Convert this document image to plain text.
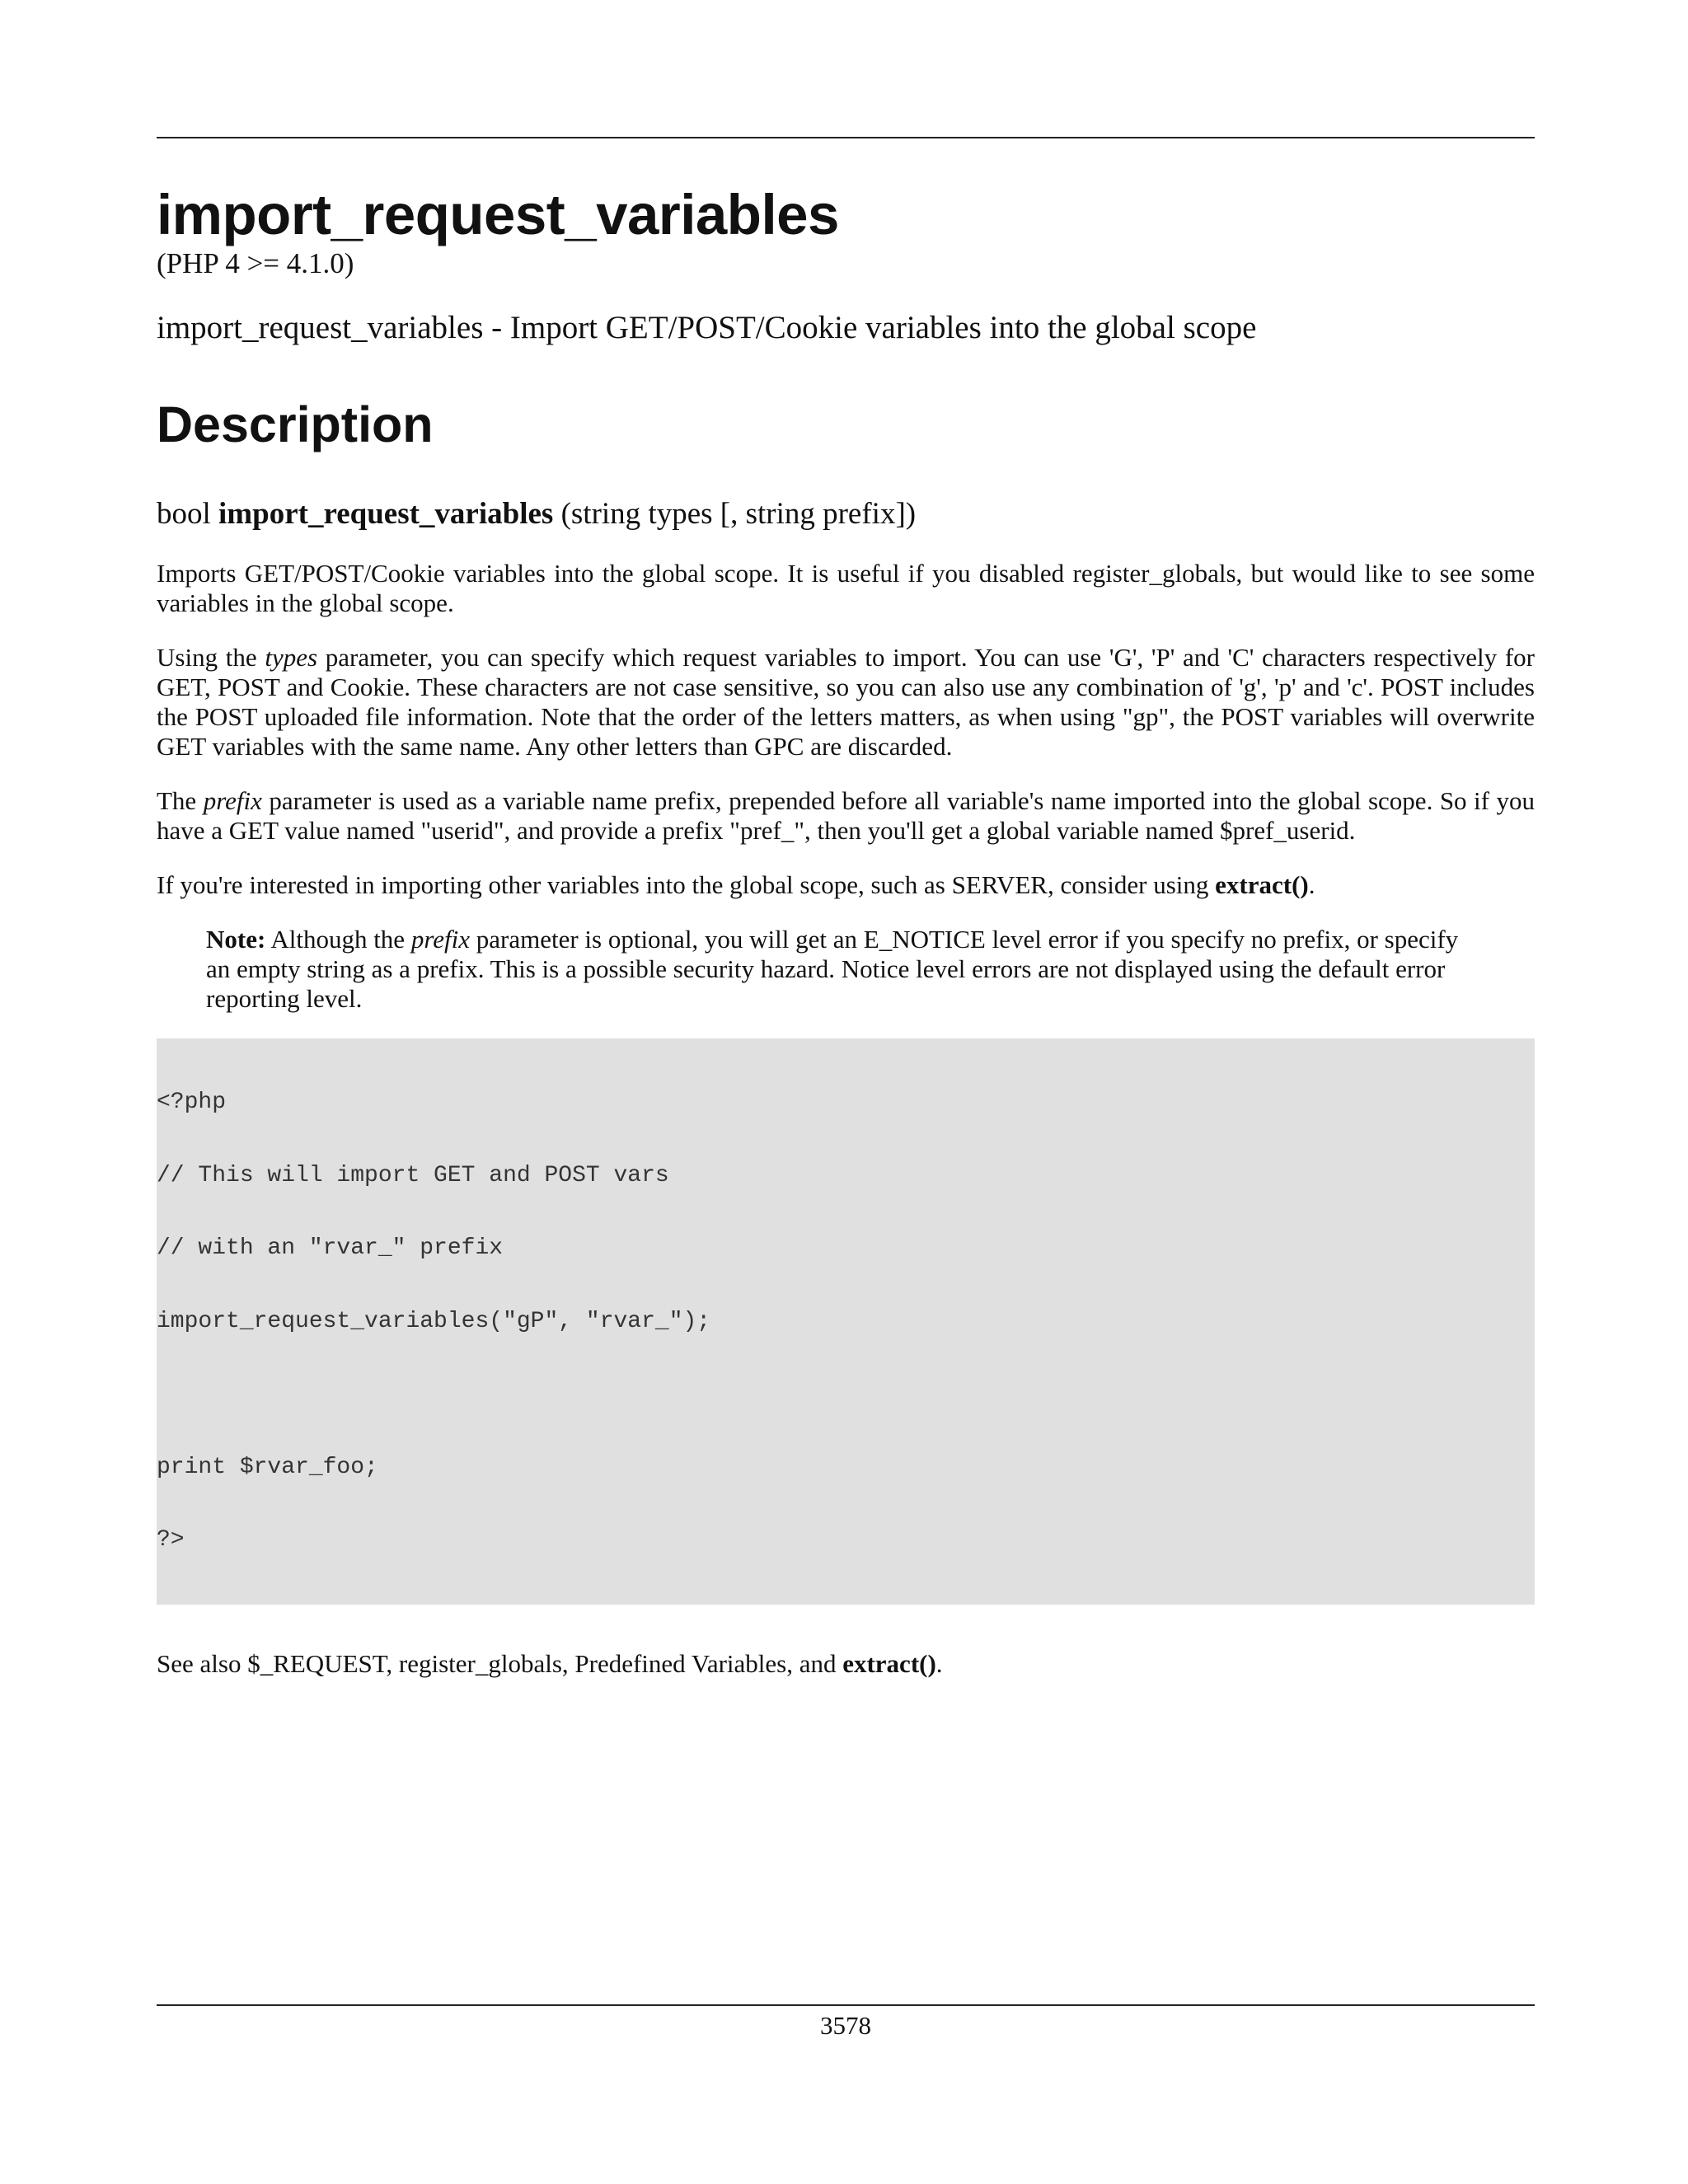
import_request_variables
(PHP 4 >= 4.1.0)
import_request_variables - Import GET/POST/Cookie variables into the global scope
Description
bool import_request_variables (string types [, string prefix])

Imports GET/POST/Cookie variables into the global scope. It is useful if you disabled register_globals, but would like to see some variables in the global scope.

Using the types parameter, you can specify which request variables to import. You can use 'G', 'P' and 'C' characters respectively for GET, POST and Cookie. These characters are not case sensitive, so you can also use any combination of 'g', 'p' and 'c'. POST includes the POST uploaded file information. Note that the order of the letters matters, as when using "gp", the POST variables will overwrite GET variables with the same name. Any other letters than GPC are discarded.

The prefix parameter is used as a variable name prefix, prepended before all variable's name imported into the global scope. So if you have a GET value named "userid", and provide a prefix "pref_", then you'll get a global variable named $pref_userid.

If you're interested in importing other variables into the global scope, such as SERVER, consider using extract().

Note: Although the prefix parameter is optional, you will get an E_NOTICE level error if you specify no prefix, or specify an empty string as a prefix. This is a possible security hazard. Notice level errors are not displayed using the default error reporting level.

<?php

// This will import GET and POST vars

// with an "rvar_" prefix

import_request_variables("gP", "rvar_");

print $rvar_foo;

?>

See also $_REQUEST, register_globals, Predefined Variables, and extract().

3578
